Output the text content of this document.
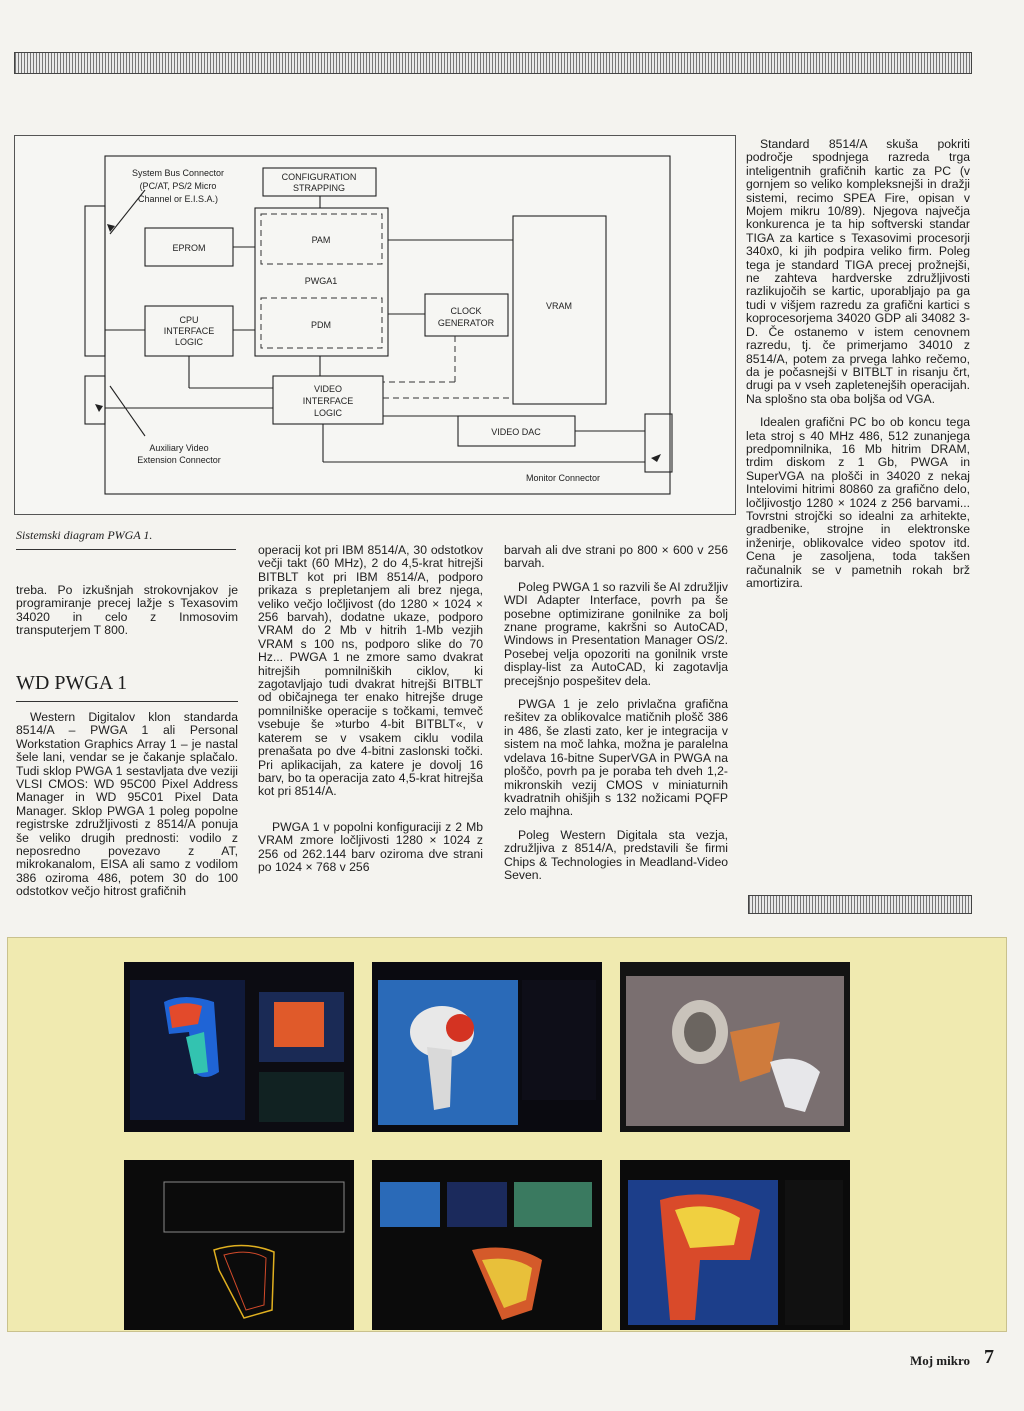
System Bus Connector
(PC/AT, PS/2 Micro
Channel or E.I.S.A.)
CONFIGURATION
STRAPPING
EPROM
PAM
PWGA1
PDM
CPU
INTERFACE
LOGIC
CLOCK
GENERATOR
VRAM
VIDEO
INTERFACE
LOGIC
VIDEO DAC
Auxiliary Video
Extension Connector
Monitor Connector
Sistemski diagram PWGA 1.

treba. Po izkušnjah strokovnjakov je programiranje precej lažje s Texasovim 34020 in celo z Inmosovim transputerjem T 800.

WD PWGA 1

Western Digitalov klon standarda 8514/A – PWGA 1 ali Personal Workstation Graphics Array 1 – je nastal šele lani, vendar se je čakanje splačalo. Tudi sklop PWGA 1 sestavljata dve veziji VLSI CMOS: WD 95C00 Pixel Address Manager in WD 95C01 Pixel Data Manager. Sklop PWGA 1 poleg popolne registrske združljivosti z 8514/A ponuja še veliko drugih prednosti: vodilo z neposredno povezavo z AT, mikrokanalom, EISA ali samo z vodilom 386 oziroma 486, potem 30 do 100 odstotkov večjo hitrost grafičnih

operacij kot pri IBM 8514/A, 30 odstotkov večji takt (60 MHz), 2 do 4,5-krat hitrejši BITBLT kot pri IBM 8514/A, podporo prikaza s prepletanjem ali brez njega, veliko večjo ločljivost (do 1280 × 1024 × 256 barvah), dodatne ukaze, podporo VRAM do 2 Mb v hitrih 1-Mb vezjih VRAM s 100 ns, podporo slike do 70 Hz... PWGA 1 ne zmore samo dvakrat hitrejših pomnilniških ciklov, ki zagotavljajo tudi dvakrat hitrejši BITBLT od običajnega ter enako hitrejše druge pomnilniške operacije s točkami, temveč vsebuje še »turbo 4-bit BITBLT«, v katerem se v vsakem ciklu vodila prenašata po dve 4-bitni zaslonski točki. Pri aplikacijah, za katere je dovolj 16 barv, bo ta operacija zato 4,5-krat hitrejša kot pri 8514/A.

PWGA 1 v popolni konfiguraciji z 2 Mb VRAM zmore ločljivosti 1280 × 1024 z 256 od 262.144 barv oziroma dve strani po 1024 × 768 v 256

barvah ali dve strani po 800 × 600 v 256 barvah.

Poleg PWGA 1 so razvili še AI združljiv WDI Adapter Interface, povrh pa še posebne optimizirane gonilnike za bolj znane programe, kakršni so AutoCAD, Windows in Presentation Manager OS/2. Posebej velja opozoriti na gonilnik vrste display-list za AutoCAD, ki zagotavlja precejšnjo pospešitev dela.

PWGA 1 je zelo privlačna grafična rešitev za oblikovalce matičnih plošč 386 in 486, še zlasti zato, ker je integracija v sistem na moč lahka, možna je paralelna vdelava 16-bitne SuperVGA in PWGA na ploščo, povrh pa je poraba teh dveh 1,2-mikronskih vezij CMOS v miniaturnih kvadratnih ohišjih s 132 nožicami PQFP zelo majhna.

Poleg Western Digitala sta vezja, združljiva z 8514/A, predstavili še firmi Chips & Technologies in Meadland-Video Seven.

Standard 8514/A skuša pokriti področje spodnjega razreda trga inteligentnih grafičnih kartic za PC (v gornjem so veliko kompleksnejši in dražji sistemi, recimo SPEA Fire, opisan v Mojem mikru 10/89). Njegova največja konkurenca je ta hip softverski standar TIGA za kartice s Texasovimi procesorji 340x0, ki jih podpira veliko firm. Poleg tega je standard TIGA precej prožnejši, ne zahteva hardverske združljivosti razlikujočih se kartic, uporabljajo pa ga tudi v višjem razredu za grafični kartici s koprocesorjema 34020 GDP ali 34082 3-D. Če ostanemo v istem cenovnem razredu, tj. če primerjamo 34010 z 8514/A, potem za prvega lahko rečemo, da je počasnejši v BITBLT in risanju črt, drugi pa v vseh zapletenejših operacijah. Na splošno sta oba boljša od VGA.

Idealen grafični PC bo ob koncu tega leta stroj s 40 MHz 486, 512 zunanjega predpomnilnika, 16 Mb hitrim DRAM, trdim diskom z 1 Gb, PWGA in SuperVGA na plošči in 34020 z nekaj Intelovimi hitrimi 80860 za grafično delo, ločljivostjo 1280 × 1024 z 256 barvami... Tovrstni strojčki so idealni za arhitekte, gradbenike, strojne in elektronske inženirje, oblikovalce video spotov itd. Cena je zasoljena, toda takšen računalnik se v pametnih rokah brž amortizira.

Moj mikro 7
